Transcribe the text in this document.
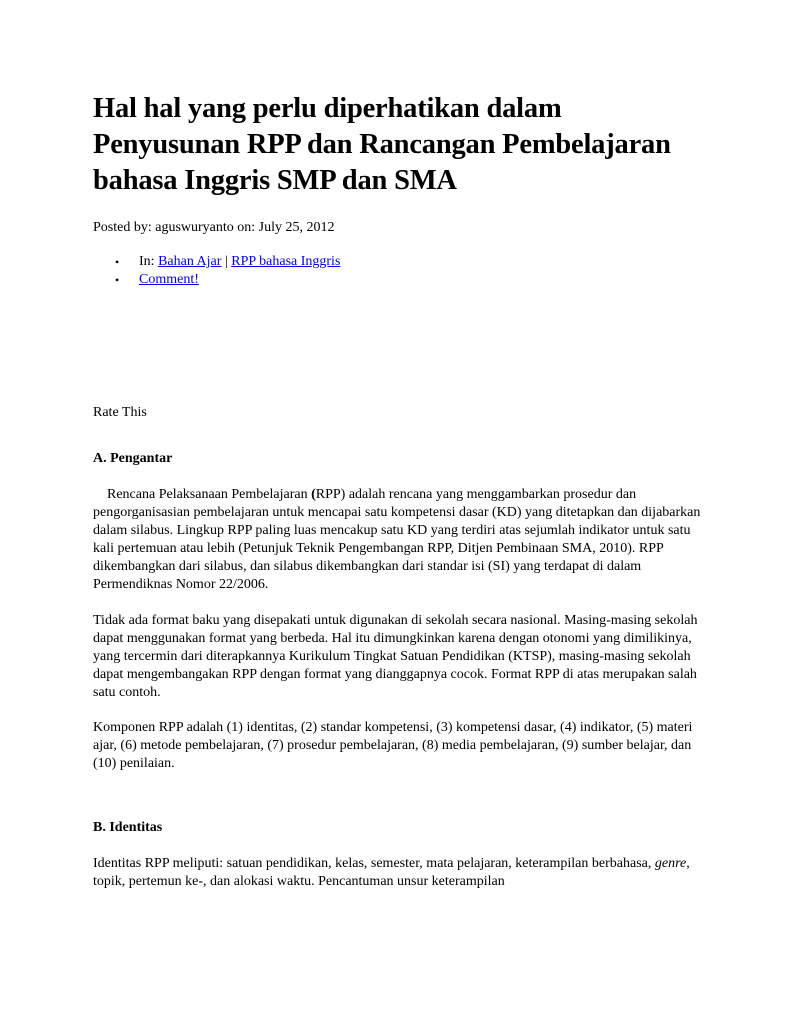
Hal hal yang perlu diperhatikan dalam Penyusunan RPP dan Rancangan Pembelajaran bahasa Inggris SMP dan SMA
Posted by: aguswuryanto on: July 25, 2012
• In: Bahan Ajar | RPP bahasa Inggris
• Comment!
Rate This
A. Pengantar

Rencana Pelaksanaan Pembelajaran (RPP) adalah rencana yang menggambarkan prosedur dan pengorganisasian pembelajaran untuk mencapai satu kompetensi dasar (KD) yang ditetapkan dan dijabarkan dalam silabus. Lingkup RPP paling luas mencakup satu KD yang terdiri atas sejumlah indikator untuk satu kali pertemuan atau lebih (Petunjuk Teknik Pengembangan RPP, Ditjen Pembinaan SMA, 2010). RPP dikembangkan dari silabus, dan silabus dikembangkan dari standar isi (SI) yang terdapat di dalam Permendiknas Nomor 22/2006.

Tidak ada format baku yang disepakati untuk digunakan di sekolah secara nasional. Masing-masing sekolah dapat menggunakan format yang berbeda. Hal itu dimungkinkan karena dengan otonomi yang dimilikinya, yang tercermin dari diterapkannya Kurikulum Tingkat Satuan Pendidikan (KTSP), masing-masing sekolah dapat mengembangakan RPP dengan format yang dianggapnya cocok. Format RPP di atas merupakan salah satu contoh.

Komponen RPP adalah (1) identitas, (2) standar kompetensi, (3) kompetensi dasar, (4) indikator, (5) materi ajar, (6) metode pembelajaran, (7) prosedur pembelajaran, (8) media pembelajaran, (9) sumber belajar, dan (10) penilaian.

B. Identitas

Identitas RPP meliputi: satuan pendidikan, kelas, semester, mata pelajaran, keterampilan berbahasa, genre, topik, pertemun ke-, dan alokasi waktu. Pencantuman unsur keterampilan
